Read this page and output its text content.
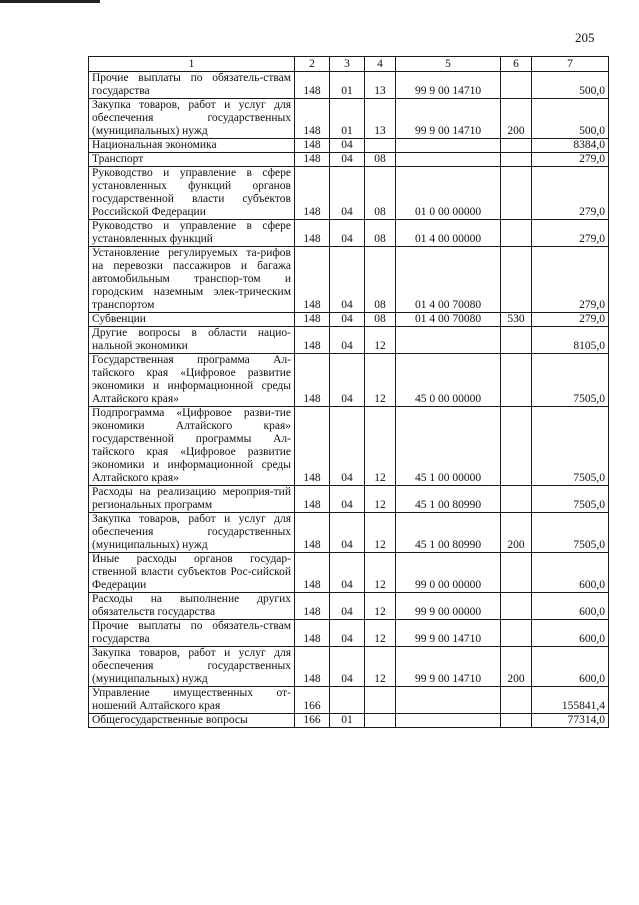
205
1	2	3	4	5	6	7
Прочие выплаты по обязатель-ствам государства	148	01	13	99 9 00 14710		500,0
Закупка товаров, работ и услуг для обеспечения государственных (муниципальных) нужд	148	01	13	99 9 00 14710	200	500,0
Национальная экономика	148	04				8384,0
Транспорт	148	04	08			279,0
Руководство и управление в сфере установленных функций органов государственной власти субъектов Российской Федерации	148	04	08	01 0 00 00000		279,0
Руководство и управление в сфере установленных функций	148	04	08	01 4 00 00000		279,0
Установление регулируемых та-рифов на перевозки пассажиров и багажа автомобильным транспор-том и городским наземным элек-трическим транспортом	148	04	08	01 4 00 70080		279,0
Субвенции	148	04	08	01 4 00 70080	530	279,0
Другие вопросы в области нацио-нальной экономики	148	04	12			8105,0
Государственная программа Ал-тайского края «Цифровое развитие экономики и информационной среды Алтайского края»	148	04	12	45 0 00 00000		7505,0
Подпрограмма «Цифровое разви-тие экономики Алтайского края» государственной программы Ал-тайского края «Цифровое развитие экономики и информационной среды Алтайского края»	148	04	12	45 1 00 00000		7505,0
Расходы на реализацию мероприя-тий региональных программ	148	04	12	45 1 00 80990		7505,0
Закупка товаров, работ и услуг для обеспечения государственных (муниципальных) нужд	148	04	12	45 1 00 80990	200	7505,0
Иные расходы органов государ-ственной власти субъектов Рос-сийской Федерации	148	04	12	99 0 00 00000		600,0
Расходы на выполнение других обязательств государства	148	04	12	99 9 00 00000		600,0
Прочие выплаты по обязатель-ствам государства	148	04	12	99 9 00 14710		600,0
Закупка товаров, работ и услуг для обеспечения государственных (муниципальных) нужд	148	04	12	99 9 00 14710	200	600,0
Управление имущественных от-ношений Алтайского края	166					155841,4
Общегосударственные вопросы	166	01				77314,0
